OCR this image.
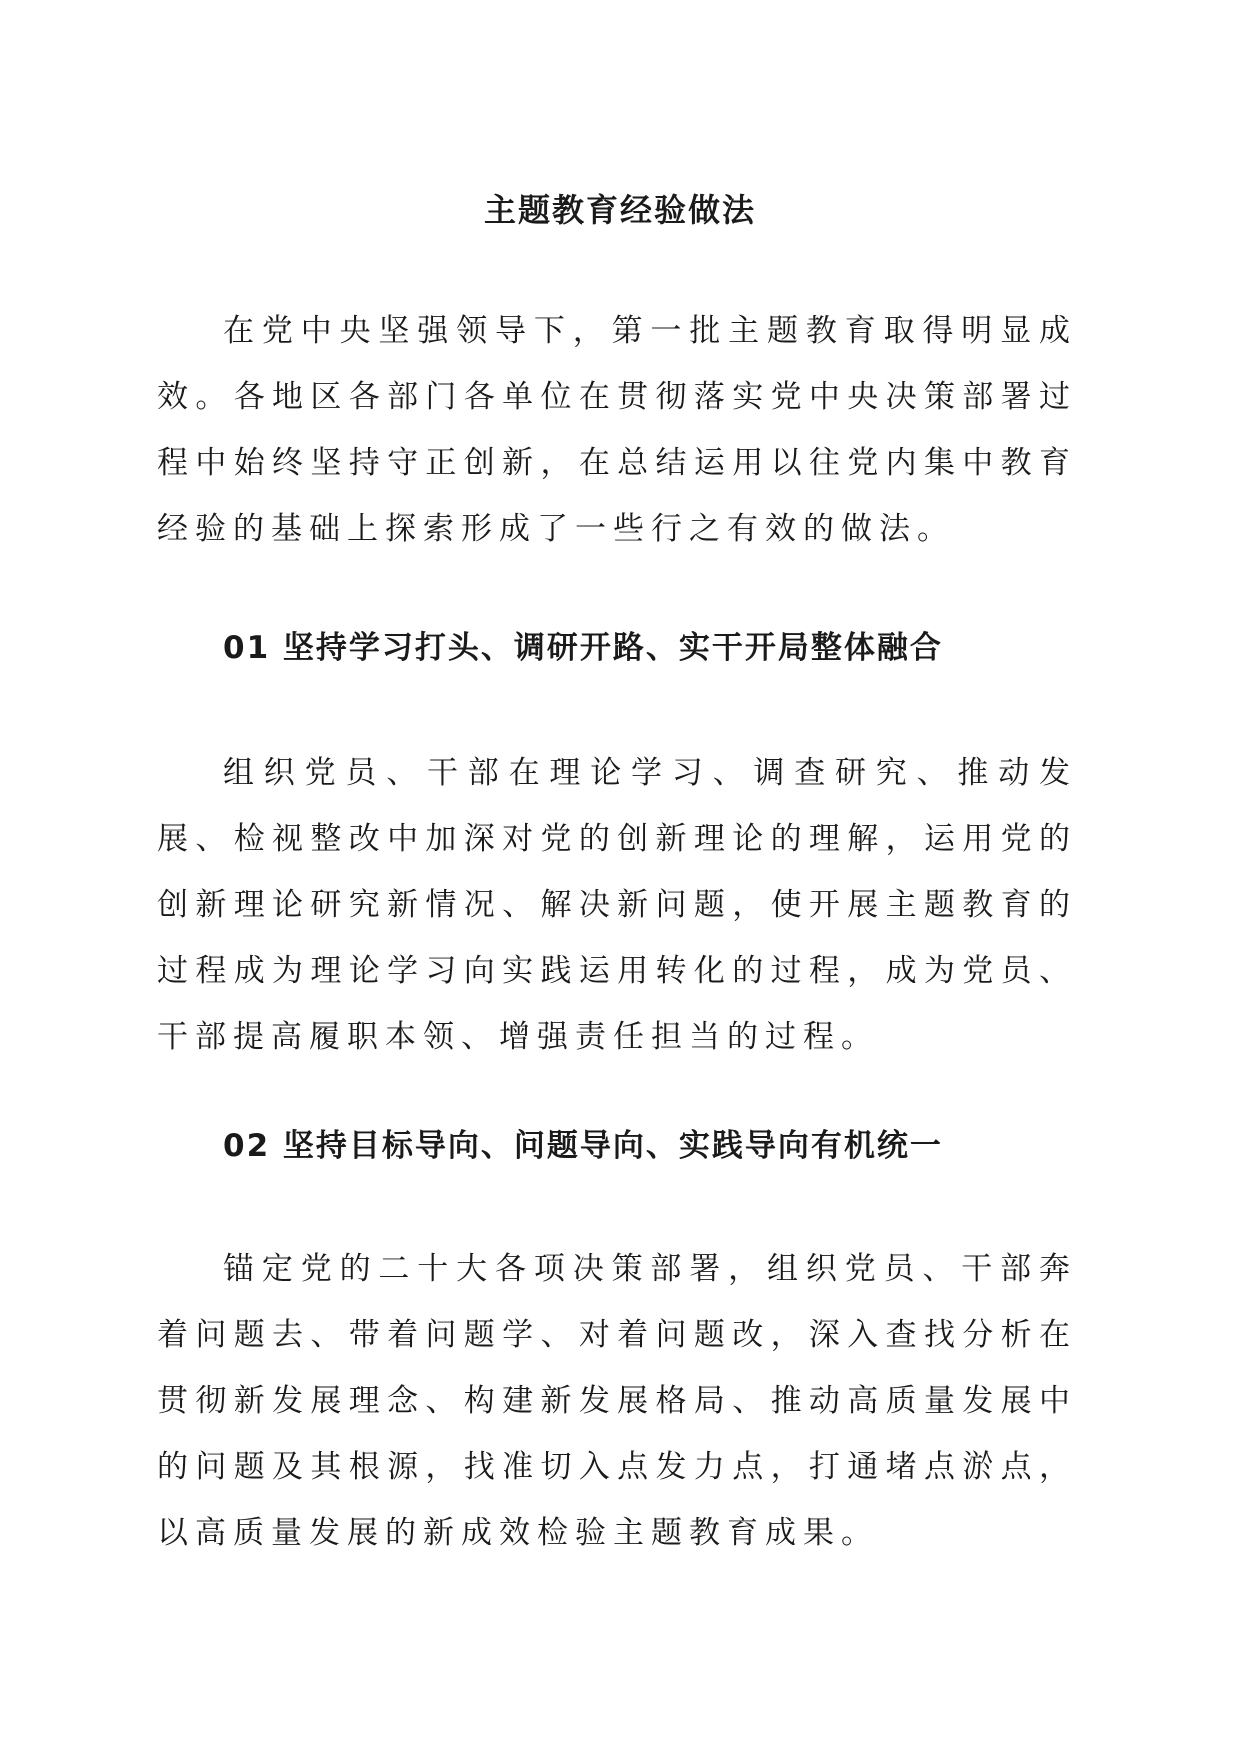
主题教育经验做法

在党中央坚强领导下，第一批主题教育取得明显成效。各地区各部门各单位在贯彻落实党中央决策部署过程中始终坚持守正创新，在总结运用以往党内集中教育经验的基础上探索形成了一些行之有效的做法。

01 坚持学习打头、调研开路、实干开局整体融合

组织党员、干部在理论学习、调查研究、推动发展、检视整改中加深对党的创新理论的理解，运用党的创新理论研究新情况、解决新问题，使开展主题教育的过程成为理论学习向实践运用转化的过程，成为党员、干部提高履职本领、增强责任担当的过程。

02 坚持目标导向、问题导向、实践导向有机统一

锚定党的二十大各项决策部署，组织党员、干部奔着问题去、带着问题学、对着问题改，深入查找分析在贯彻新发展理念、构建新发展格局、推动高质量发展中的问题及其根源，找准切入点发力点，打通堵点淤点，以高质量发展的新成效检验主题教育成果。
